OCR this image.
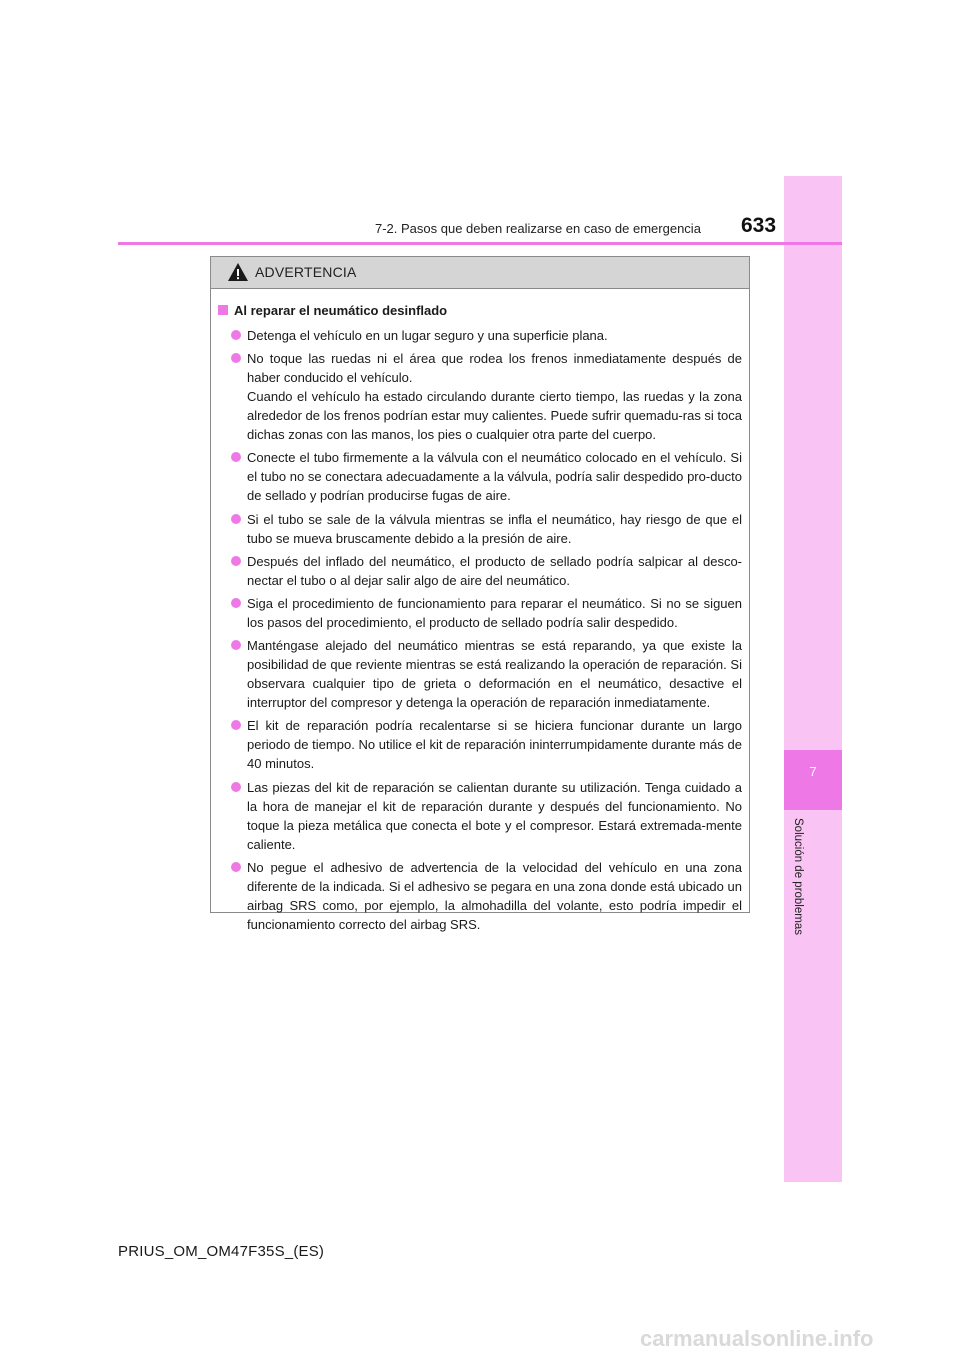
7
Solución de problemas
7-2. Pasos que deben realizarse en caso de emergencia 633
ADVERTENCIA
Al reparar el neumático desinflado
Detenga el vehículo en un lugar seguro y una superficie plana.
No toque las ruedas ni el área que rodea los frenos inmediatamente después de haber conducido el vehículo.
Cuando el vehículo ha estado circulando durante cierto tiempo, las ruedas y la zona alrededor de los frenos podrían estar muy calientes. Puede sufrir quemadu-ras si toca dichas zonas con las manos, los pies o cualquier otra parte del cuerpo.
Conecte el tubo firmemente a la válvula con el neumático colocado en el vehículo. Si el tubo no se conectara adecuadamente a la válvula, podría salir despedido pro-ducto de sellado y podrían producirse fugas de aire.
Si el tubo se sale de la válvula mientras se infla el neumático, hay riesgo de que el tubo se mueva bruscamente debido a la presión de aire.
Después del inflado del neumático, el producto de sellado podría salpicar al desco-nectar el tubo o al dejar salir algo de aire del neumático.
Siga el procedimiento de funcionamiento para reparar el neumático. Si no se siguen los pasos del procedimiento, el producto de sellado podría salir despedido.
Manténgase alejado del neumático mientras se está reparando, ya que existe la posibilidad de que reviente mientras se está realizando la operación de reparación. Si observara cualquier tipo de grieta o deformación en el neumático, desactive el interruptor del compresor y detenga la operación de reparación inmediatamente.
El kit de reparación podría recalentarse si se hiciera funcionar durante un largo periodo de tiempo. No utilice el kit de reparación ininterrumpidamente durante más de 40 minutos.
Las piezas del kit de reparación se calientan durante su utilización. Tenga cuidado a la hora de manejar el kit de reparación durante y después del funcionamiento. No toque la pieza metálica que conecta el bote y el compresor. Estará extremada-mente caliente.
No pegue el adhesivo de advertencia de la velocidad del vehículo en una zona diferente de la indicada. Si el adhesivo se pegara en una zona donde está ubicado un airbag SRS como, por ejemplo, la almohadilla del volante, esto podría impedir el funcionamiento correcto del airbag SRS.
PRIUS_OM_OM47F35S_(ES)
carmanualsonline.info
